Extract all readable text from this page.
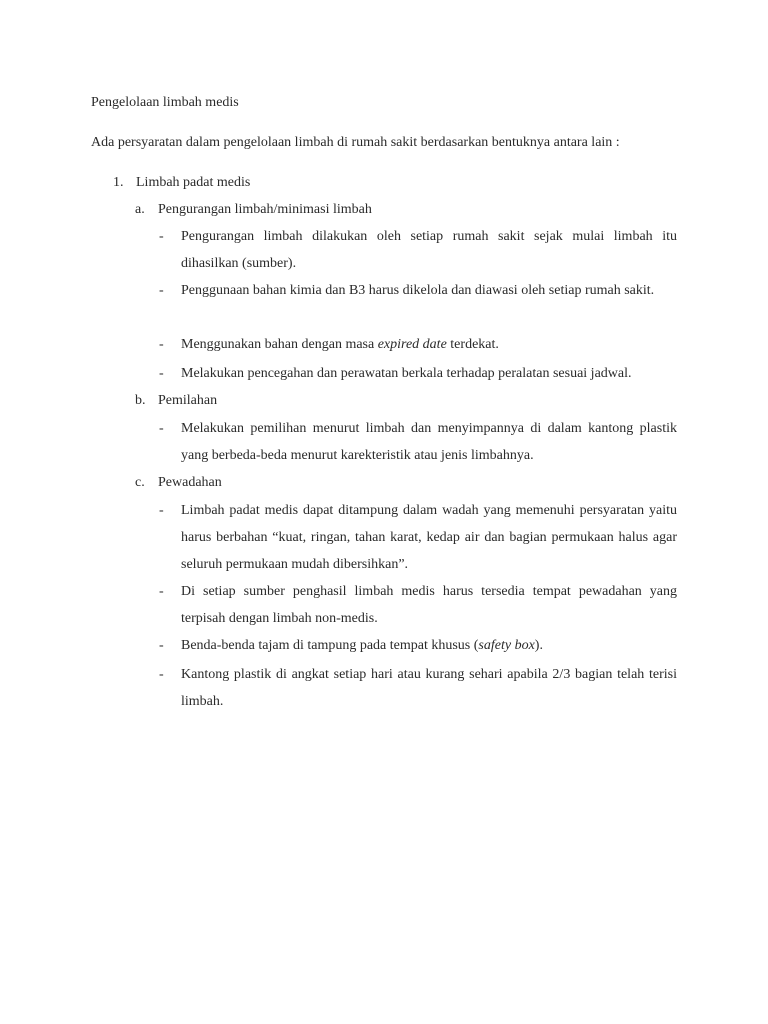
Pengelolaan limbah medis
Ada persyaratan dalam pengelolaan limbah di rumah sakit berdasarkan bentuknya antara lain :
1. Limbah padat medis
a. Pengurangan limbah/minimasi limbah
- Pengurangan limbah dilakukan oleh setiap rumah sakit sejak mulai limbah itu dihasilkan (sumber).
- Penggunaan bahan kimia dan B3 harus dikelola dan diawasi oleh setiap rumah sakit.
- Menggunakan bahan dengan masa expired date terdekat.
- Melakukan pencegahan dan perawatan berkala terhadap peralatan sesuai jadwal.
b. Pemilahan
- Melakukan pemilihan menurut limbah dan menyimpannya di dalam kantong plastik yang berbeda-beda menurut karekteristik atau jenis limbahnya.
c. Pewadahan
- Limbah padat medis dapat ditampung dalam wadah yang memenuhi persyaratan yaitu harus berbahan “kuat, ringan, tahan karat, kedap air dan bagian permukaan halus agar seluruh permukaan mudah dibersihkan”.
- Di setiap sumber penghasil limbah medis harus tersedia tempat pewadahan yang terpisah dengan limbah non-medis.
- Benda-benda tajam di tampung pada tempat khusus (safety box).
- Kantong plastik di angkat setiap hari atau kurang sehari apabila 2/3 bagian telah terisi limbah.
